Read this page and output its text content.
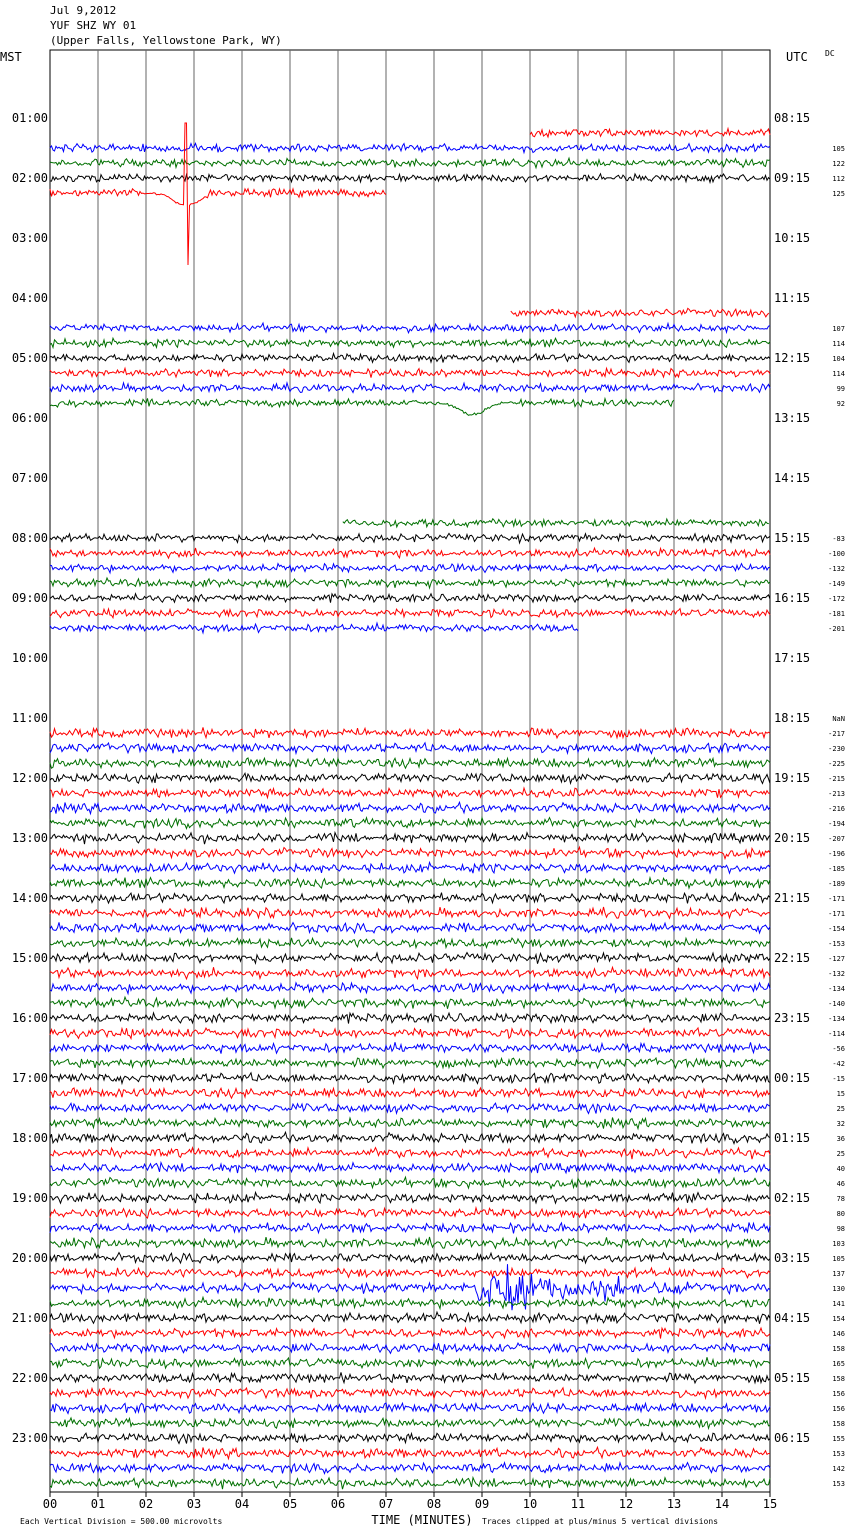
Jul 9,2012
YUF SHZ WY 01
(Upper Falls, Yellowstone Park, WY)
00	01	02	03	04	05	06	07	08	09	10	11	12	13	14	15
TIME (MINUTES)
Each Vertical Division = 500.00 microvolts	Traces clipped at plus/minus 5 vertical divisions
MST	UTC DC
01:00	08:15
02:00	09:15
03:00	10:15
04:00	11:15
05:00	12:15
06:00	13:15
07:00	14:15
08:00	15:15
09:00	16:15
10:00	17:15
11:00	18:15
12:00	19:15
13:00	20:15
14:00	21:15
15:00	22:15
16:00	23:15
17:00	00:15
18:00	01:15
19:00	02:15
20:00	03:15
21:00	04:15
22:00	05:15
23:00	06:15
105
122
112
125
107
114
104
114
99
92
-83
-100
-132
-149
-172
-181
-201
NaN
-217
-230
-225
-215
-213
-216
-194
-207
-196
-185
-189
-171
-171
-154
-153
-127
-132
-134
-140
-134
-114
-56
-42
-15
15
25
32
36
25
40
46
78
80
98
103
105
137
130
141
154
146
158
165
158
156
156
158
155
153
142
153
